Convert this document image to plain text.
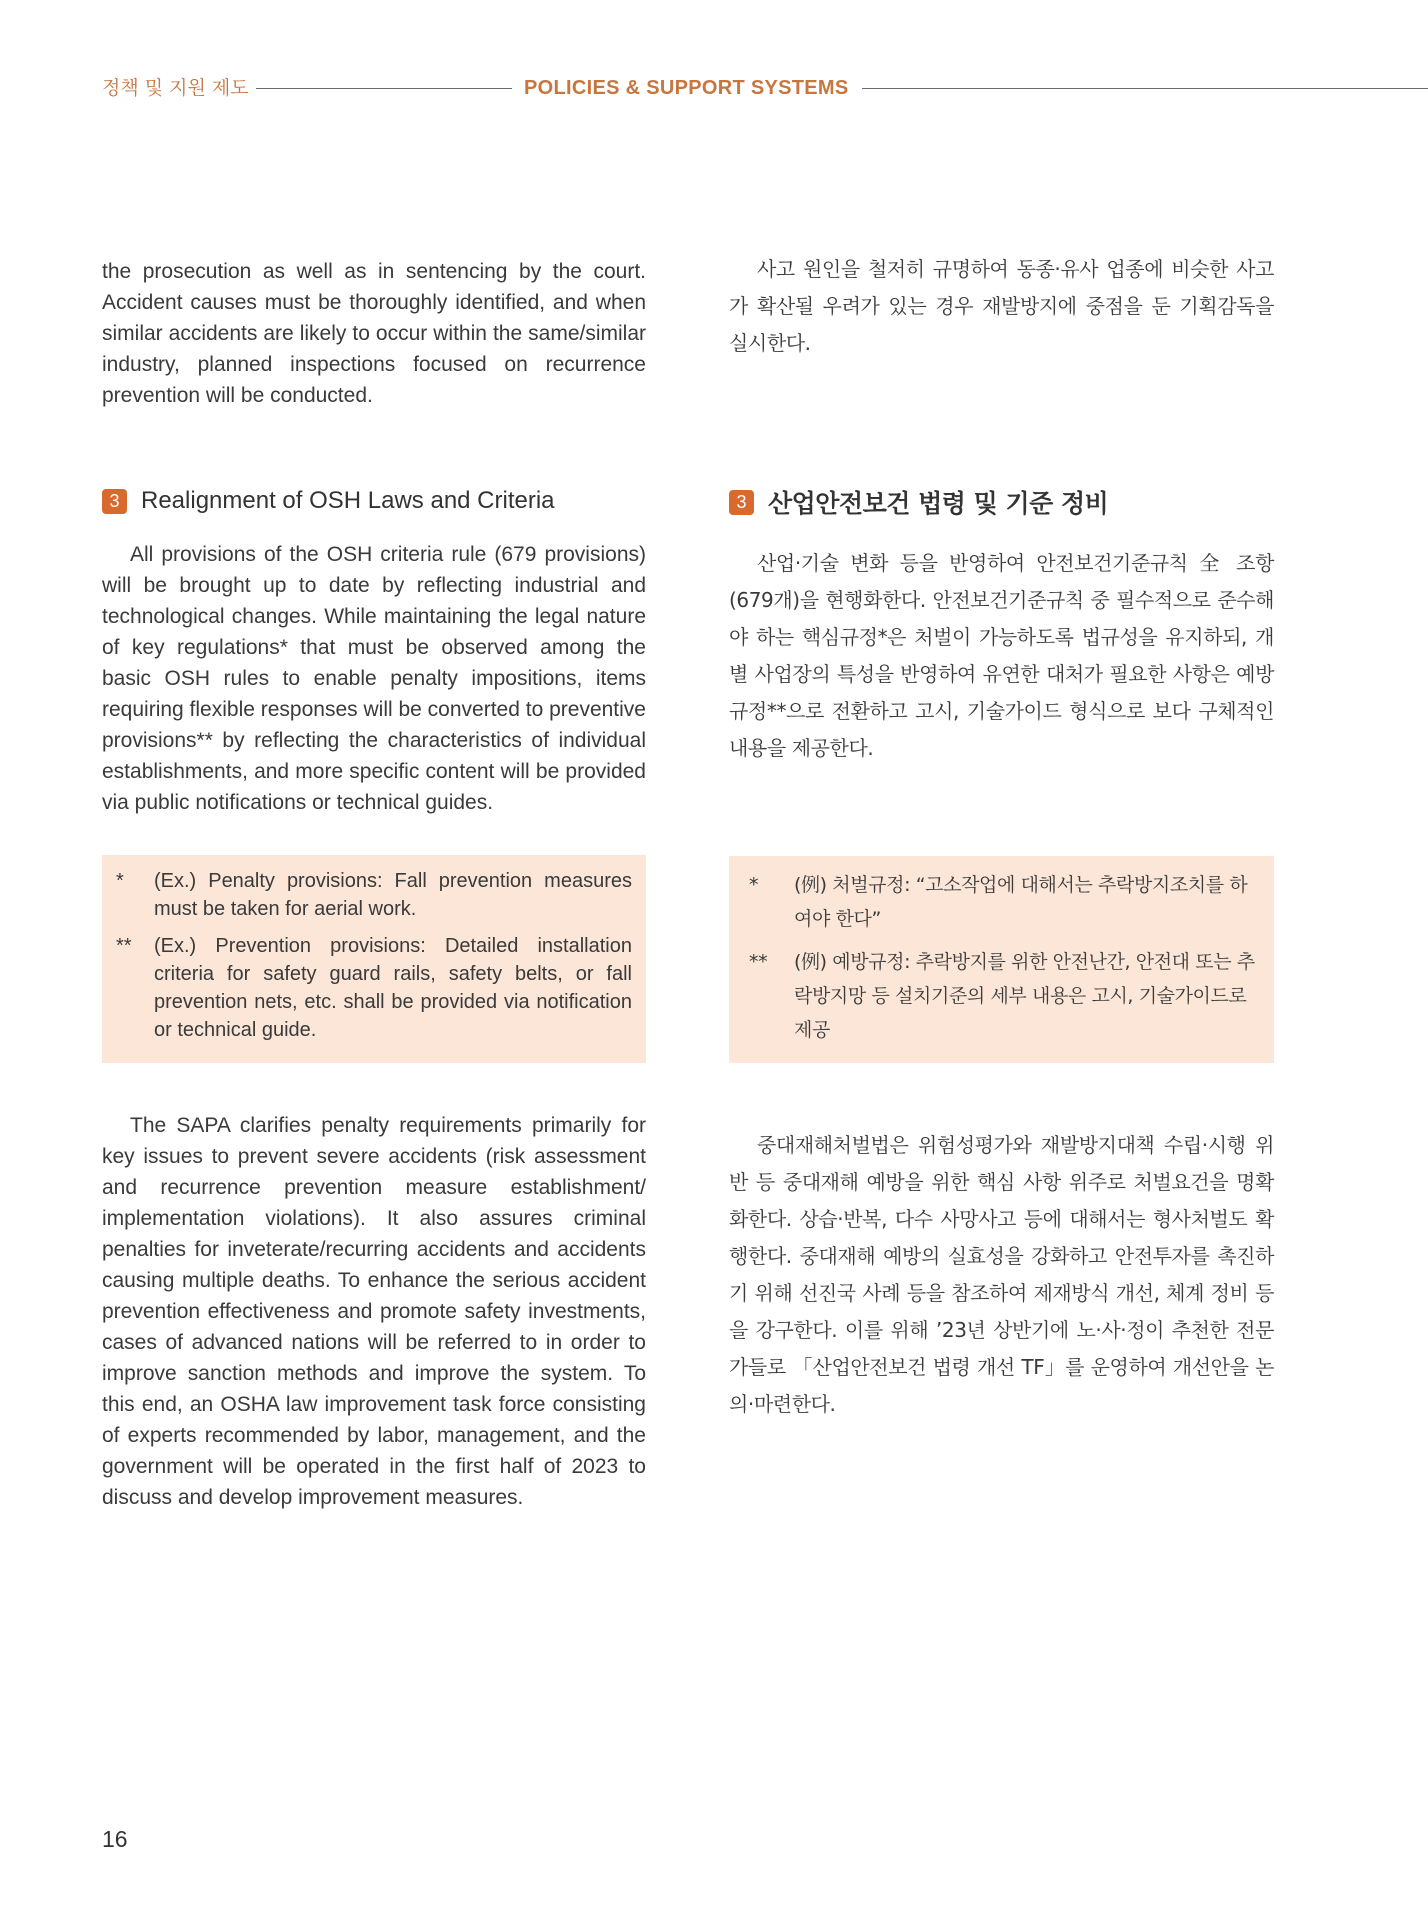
정책 및 지원 제도	POLICIES & SUPPORT SYSTEMS

the prosecution as well as in sentencing by the court. Accident causes must be thoroughly identified, and when similar accidents are likely to occur within the same/similar industry, planned inspections focused on recurrence prevention will be conducted.

3 Realignment of OSH Laws and Criteria

All provisions of the OSH criteria rule (679 provisions) will be brought up to date by reflecting industrial and technological changes. While maintaining the legal nature of key regulations* that must be observed among the basic OSH rules to enable penalty impositions, items requiring flexible responses will be converted to preventive provisions** by reflecting the characteristics of individual establishments, and more specific content will be provided via public notifications or technical guides.

* (Ex.) Penalty provisions: Fall prevention measures must be taken for aerial work.

** (Ex.) Prevention provisions: Detailed installation criteria for safety guard rails, safety belts, or fall prevention nets, etc. shall be provided via notification or technical guide.

The SAPA clarifies penalty requirements primarily for key issues to prevent severe accidents (risk assessment and recurrence prevention measure establishment/ implementation violations). It also assures criminal penalties for inveterate/recurring accidents and accidents causing multiple deaths. To enhance the serious accident prevention effectiveness and promote safety investments, cases of advanced nations will be referred to in order to improve sanction methods and improve the system. To this end, an OSHA law improvement task force consisting of experts recommended by labor, management, and the government will be operated in the first half of 2023 to discuss and develop improvement measures.

사고 원인을 철저히 규명하여 동종·유사 업종에 비슷한 사고가 확산될 우려가 있는 경우 재발방지에 중점을 둔 기획감독을 실시한다.

3 산업안전보건 법령 및 기준 정비

산업·기술 변화 등을 반영하여 안전보건기준규칙 全 조항(679개)을 현행화한다. 안전보건기준규칙 중 필수적으로 준수해야 하는 핵심규정*은 처벌이 가능하도록 법규성을 유지하되, 개별 사업장의 특성을 반영하여 유연한 대처가 필요한 사항은 예방규정**으로 전환하고 고시, 기술가이드 형식으로 보다 구체적인 내용을 제공한다.

* (例) 처벌규정: “고소작업에 대해서는 추락방지조치를 하여야 한다”

** (例) 예방규정: 추락방지를 위한 안전난간, 안전대 또는 추락방지망 등 설치기준의 세부 내용은 고시, 기술가이드로 제공

중대재해처벌법은 위험성평가와 재발방지대책 수립·시행 위반 등 중대재해 예방을 위한 핵심 사항 위주로 처벌요건을 명확화한다. 상습·반복, 다수 사망사고 등에 대해서는 형사처벌도 확행한다. 중대재해 예방의 실효성을 강화하고 안전투자를 촉진하기 위해 선진국 사례 등을 참조하여 제재방식 개선, 체계 정비 등을 강구한다. 이를 위해 ’23년 상반기에 노·사·정이 추천한 전문가들로 「산업안전보건 법령 개선 TF」를 운영하여 개선안을 논의·마련한다.

16
